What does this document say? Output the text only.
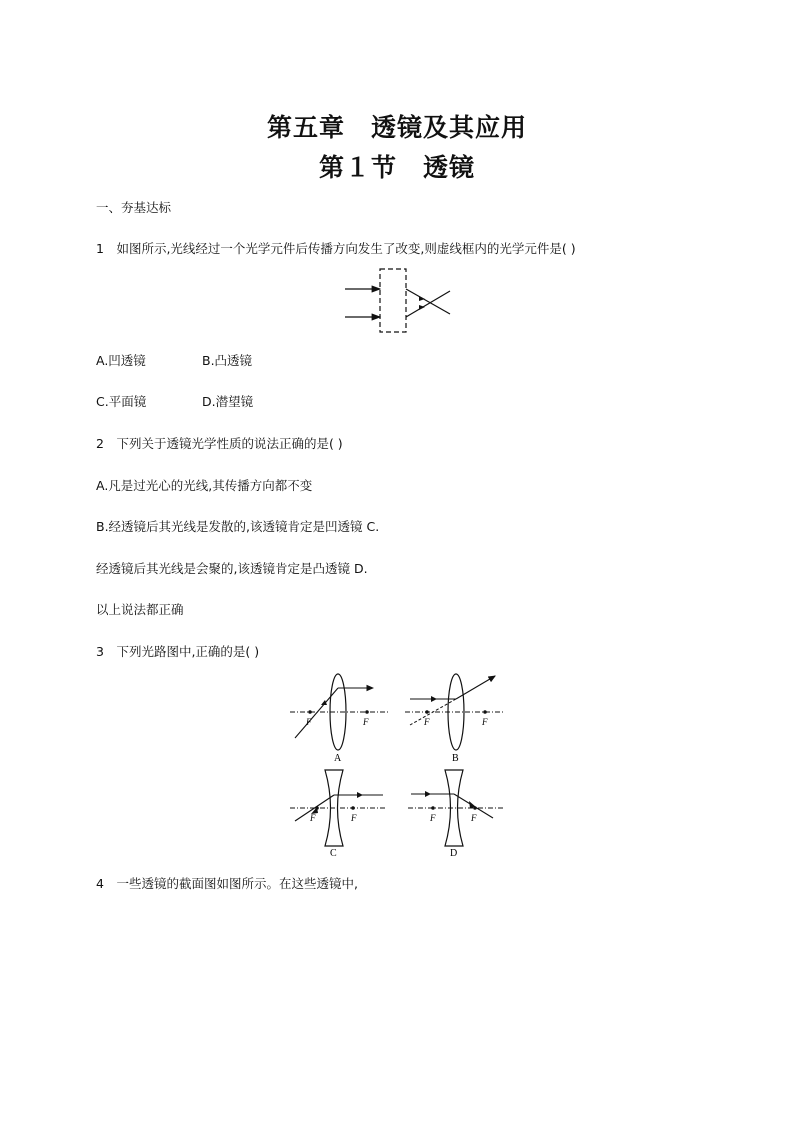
第五章　透镜及其应用
第１节　透镜
一、夯基达标
1　如图所示,光线经过一个光学元件后传播方向发生了改变,则虚线框内的光学元件是( )
A.凹透镜	B.凸透镜
C.平面镜	D.潜望镜
2　下列关于透镜光学性质的说法正确的是( )
A.凡是过光心的光线,其传播方向都不变
B.经透镜后其光线是发散的,该透镜肯定是凹透镜 C.
经透镜后其光线是会聚的,该透镜肯定是凸透镜 D.
以上说法都正确
3　下列光路图中,正确的是( )
F	F
A
F	F
B
F	F
C
F	F
D
4　一些透镜的截面图如图所示。在这些透镜中,
